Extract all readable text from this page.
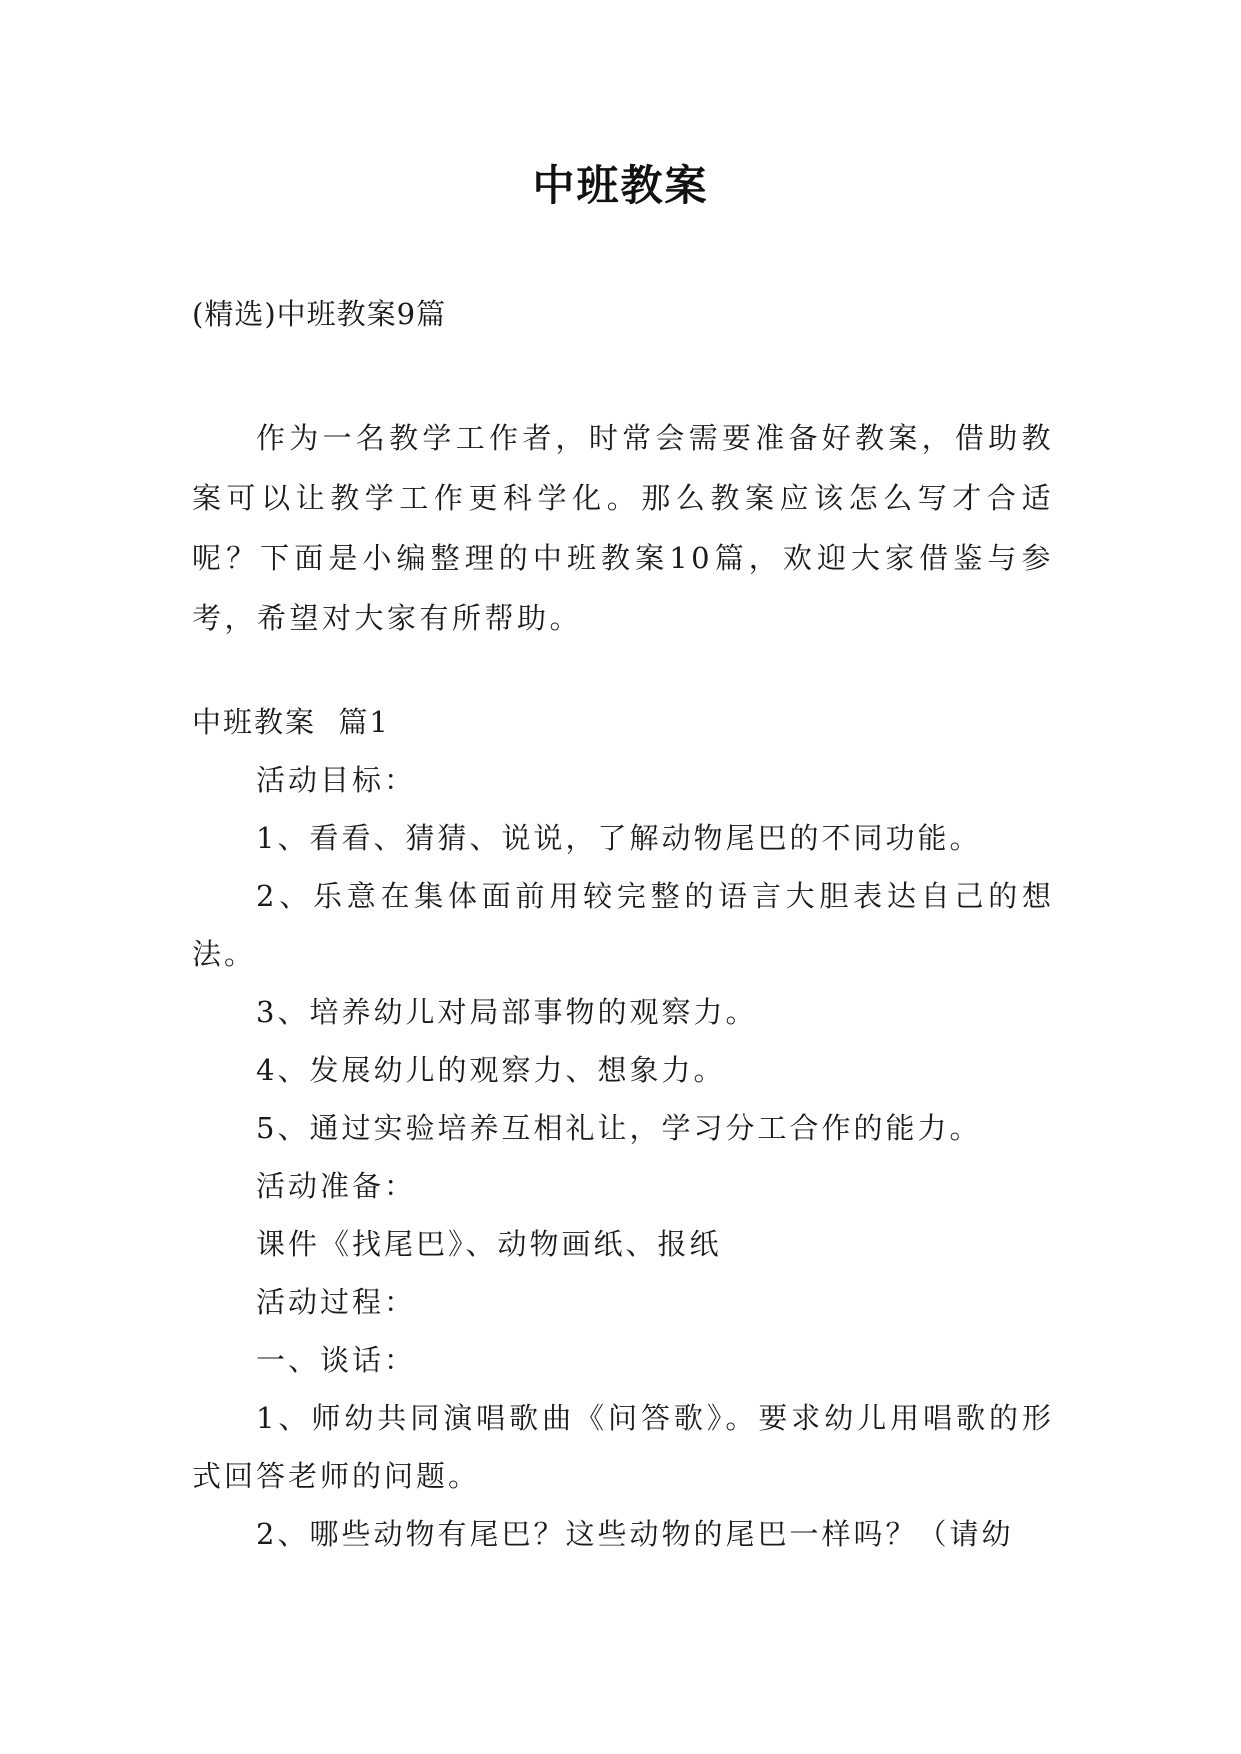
中班教案
(精选)中班教案9篇
作为一名教学工作者，时常会需要准备好教案，借助教案可以让教学工作更科学化。那么教案应该怎么写才合适呢？下面是小编整理的中班教案10篇，欢迎大家借鉴与参考，希望对大家有所帮助。
中班教案  篇1
活动目标：
1、看看、猜猜、说说，了解动物尾巴的不同功能。
2、乐意在集体面前用较完整的语言大胆表达自己的想法。
3、培养幼儿对局部事物的观察力。
4、发展幼儿的观察力、想象力。
5、通过实验培养互相礼让，学习分工合作的能力。
活动准备：
课件《找尾巴》、动物画纸、报纸
活动过程：
一、谈话：
1、师幼共同演唱歌曲《问答歌》。要求幼儿用唱歌的形式回答老师的问题。
2、哪些动物有尾巴？这些动物的尾巴一样吗？（请幼
